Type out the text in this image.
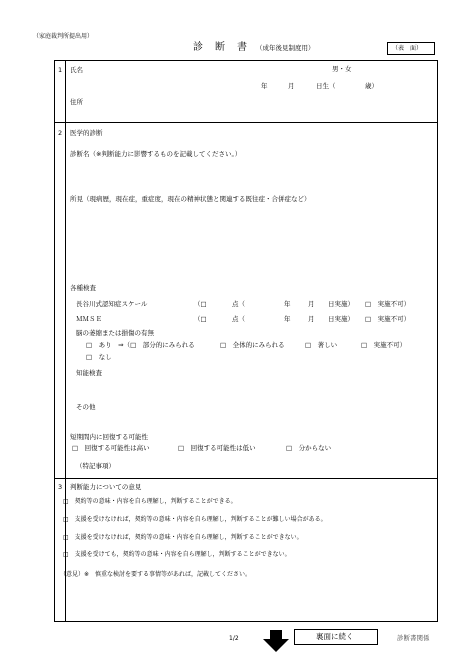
（家庭裁判所提出用）
診　断　書 （成年後見制度用）	（表　面）
1 氏名	男・女
年	月	日生（	歳）
住所
2 医学的診断
診断名（※判断能力に影響するものを記載してください。）
所見（現病歴，現在症，重症度，現在の精神状態と関連する既往症・合併症など）
各種検査
長谷川式認知症スケール	（□	点（	年	月 日実施） □　実施不可）
ＭＭＳＥ	（□	点（	年	月 日実施） □　実施不可）
脳の萎縮または損傷の有無
□　あり　⇒（□　部分的にみられる	□　全体的にみられる	□　著しい	□　実施不可）
□　なし
知能検査
その他
短期間内に回復する可能性
□　回復する可能性は高い	□　回復する可能性は低い	□　分からない
（特記事項）
3 判断能力についての意見
□　契約等の意味・内容を自ら理解し，判断することができる。
□　支援を受けなければ，契約等の意味・内容を自ら理解し，判断することが難しい場合がある。
□　支援を受けなければ，契約等の意味・内容を自ら理解し，判断することができない。
□　支援を受けても，契約等の意味・内容を自ら理解し，判断することができない。
（意見）※　慎重な検討を要する事情等があれば，記載してください。
1/2	裏面に続く	診断書関係
